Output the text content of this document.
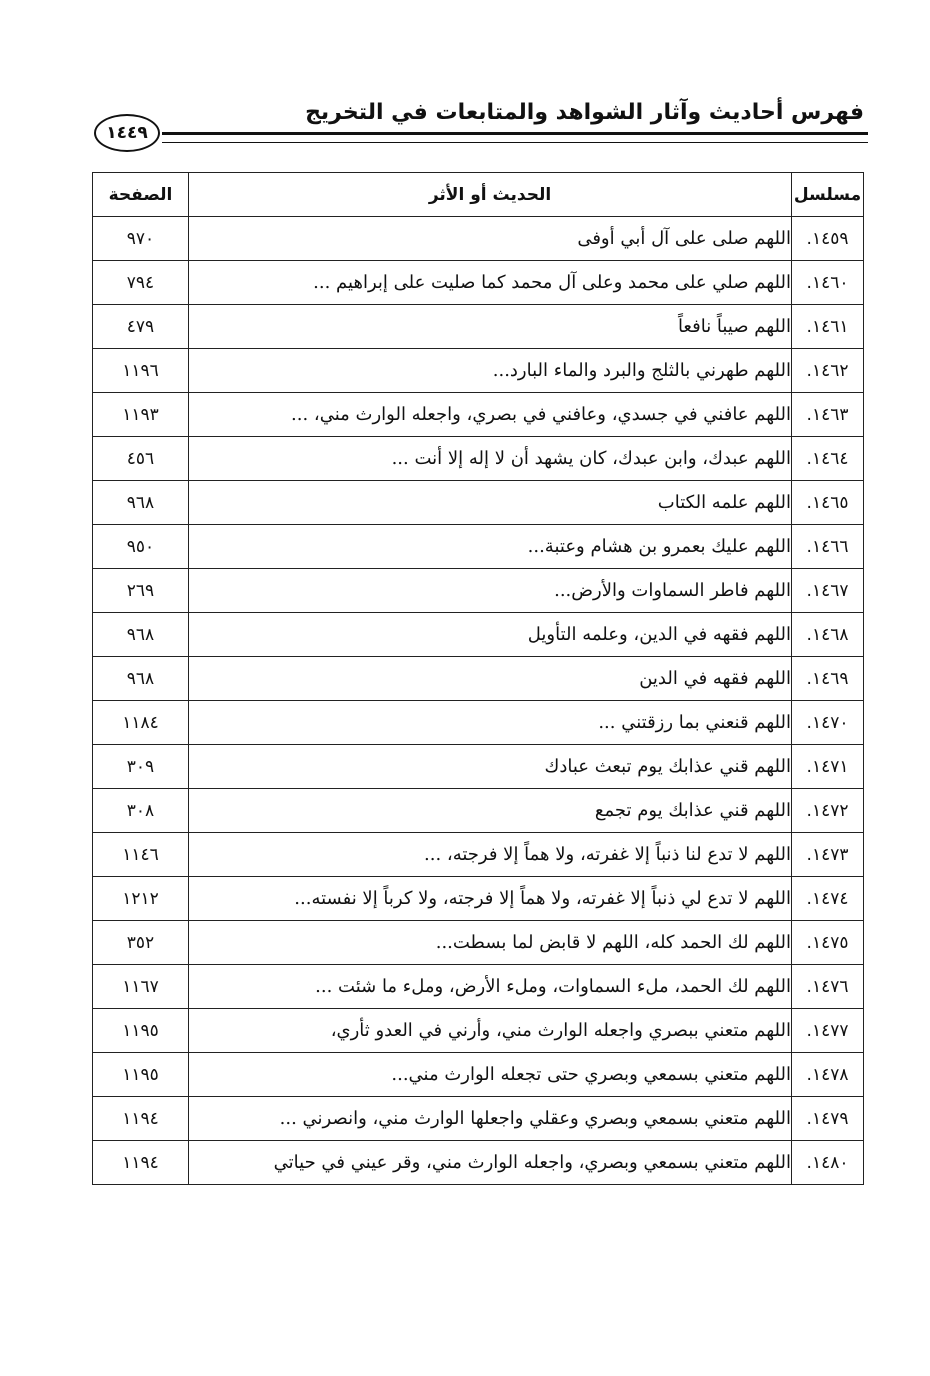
فهرس أحاديث وآثار الشواهد والمتابعات في التخريج
١٤٤٩
مسلسل	الحديث أو الأثر	الصفحة
١٤٥٩.	اللهم صلى على آل أبي أوفى	٩٧٠
١٤٦٠.	اللهم صلي على محمد وعلى آل محمد كما صليت على إبراهيم ...	٧٩٤
١٤٦١.	اللهم صيباً نافعاً	٤٧٩
١٤٦٢.	اللهم طهرني بالثلج والبرد والماء البارد...	١١٩٦
١٤٦٣.	اللهم عافني في جسدي، وعافني في بصري، واجعله الوارث مني، ...	١١٩٣
١٤٦٤.	اللهم عبدك، وابن عبدك، كان يشهد أن لا إله إلا أنت ...	٤٥٦
١٤٦٥.	اللهم علمه الكتاب	٩٦٨
١٤٦٦.	اللهم عليك بعمرو بن هشام وعتبة...	٩٥٠
١٤٦٧.	اللهم فاطر السماوات والأرض...	٢٦٩
١٤٦٨.	اللهم فقهه في الدين، وعلمه التأويل	٩٦٨
١٤٦٩.	اللهم فقهه في الدين	٩٦٨
١٤٧٠.	اللهم قنعني بما رزقتني ...	١١٨٤
١٤٧١.	اللهم قني عذابك يوم تبعث عبادك	٣٠٩
١٤٧٢.	اللهم قني عذابك يوم تجمع	٣٠٨
١٤٧٣.	اللهم لا تدع لنا ذنباً إلا غفرته، ولا هماً إلا فرجته، ...	١١٤٦
١٤٧٤.	اللهم لا تدع لي ذنباً إلا غفرته، ولا هماً إلا فرجته، ولا كرباً إلا نفسته...	١٢١٢
١٤٧٥.	اللهم لك الحمد كله، اللهم لا قابض لما بسطت...	٣٥٢
١٤٧٦.	اللهم لك الحمد، ملء السماوات، وملء الأرض، وملء ما شئت ...	١١٦٧
١٤٧٧.	اللهم متعني ببصري واجعله الوارث مني، وأرني في العدو ثأري،	١١٩٥
١٤٧٨.	اللهم متعني بسمعي وبصري حتى تجعله الوارث مني...	١١٩٥
١٤٧٩.	اللهم متعني بسمعي وبصري وعقلي واجعلها الوارث مني، وانصرني ...	١١٩٤
١٤٨٠.	اللهم متعني بسمعي وبصري، واجعله الوارث مني، وقر عيني في حياتي	١١٩٤
